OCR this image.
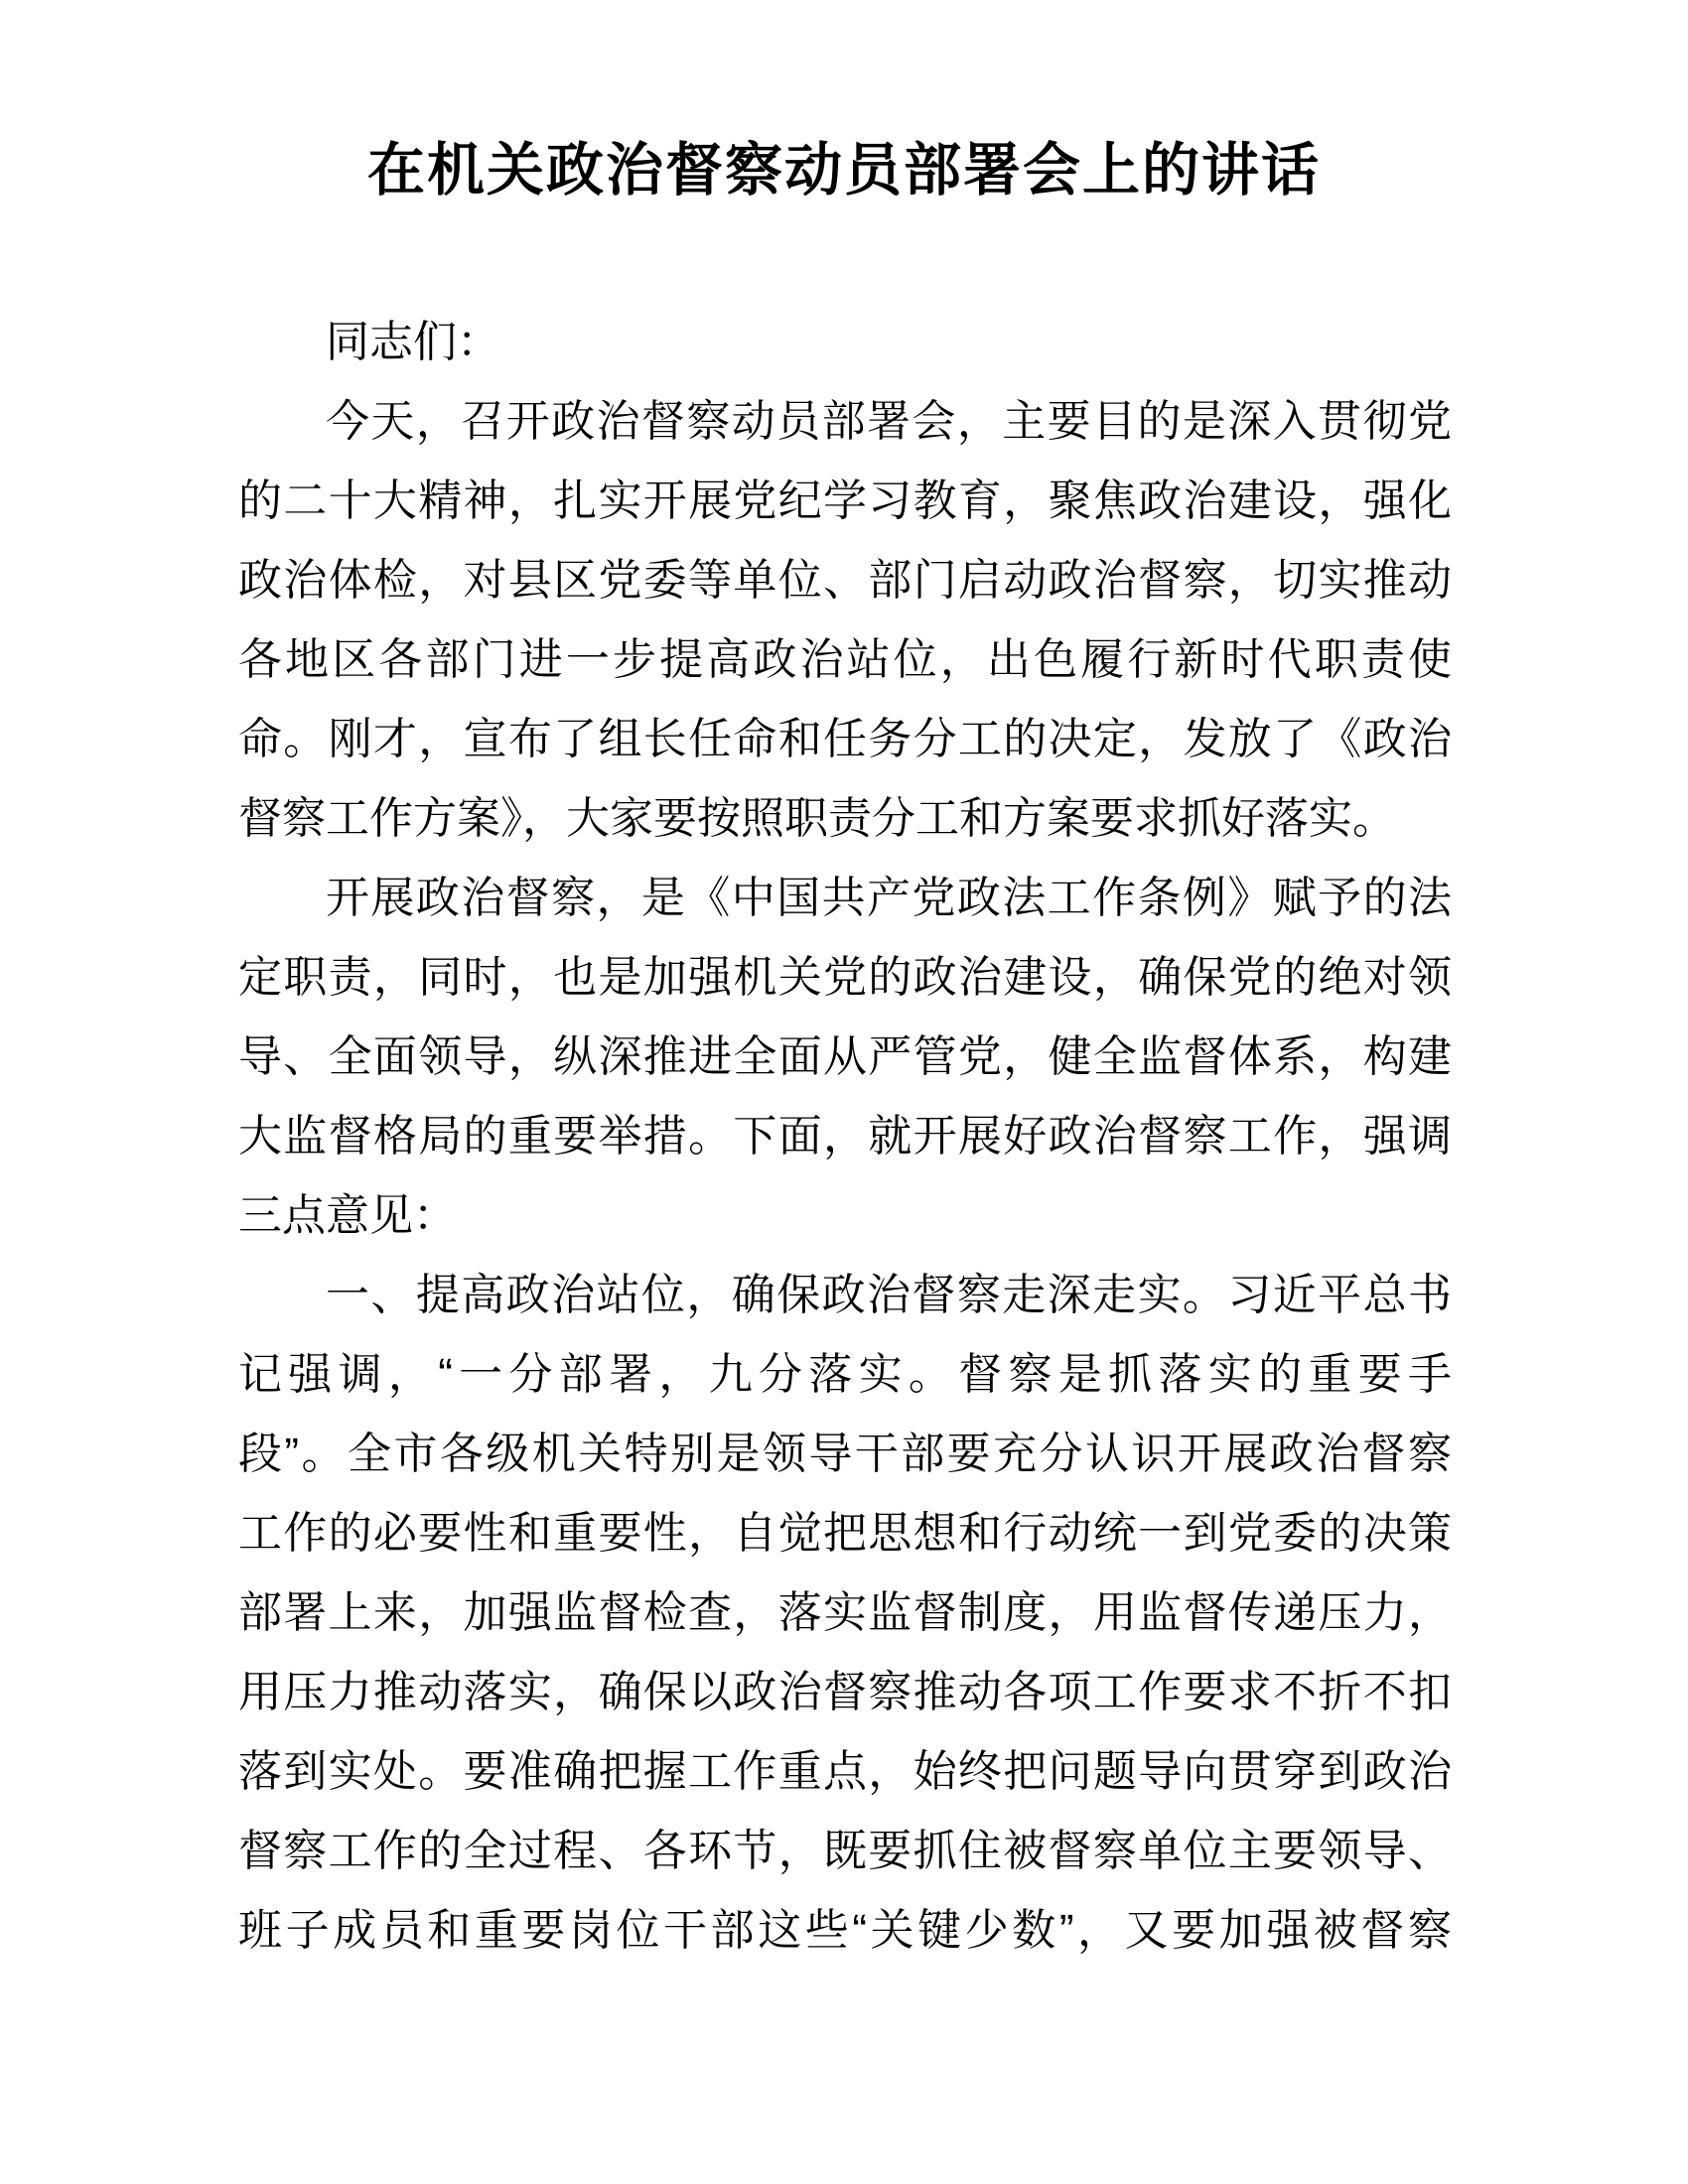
在机关政治督察动员部署会上的讲话
同志们：
今天，召开政治督察动员部署会，主要目的是深入贯彻党
的二十大精神，扎实开展党纪学习教育，聚焦政治建设，强化
政治体检，对县区党委等单位、部门启动政治督察，切实推动
各地区各部门进一步提高政治站位，出色履行新时代职责使
命。刚才，宣布了组长任命和任务分工的决定，发放了《政治
督察工作方案》，大家要按照职责分工和方案要求抓好落实。
开展政治督察，是《中国共产党政法工作条例》赋予的法
定职责，同时，也是加强机关党的政治建设，确保党的绝对领
导、全面领导，纵深推进全面从严管党，健全监督体系，构建
大监督格局的重要举措。下面，就开展好政治督察工作，强调
三点意见：
一、提高政治站位，确保政治督察走深走实。习近平总书
记强调，“一分部署，九分落实。督察是抓落实的重要手
段”。全市各级机关特别是领导干部要充分认识开展政治督察
工作的必要性和重要性，自觉把思想和行动统一到党委的决策
部署上来，加强监督检查，落实监督制度，用监督传递压力，
用压力推动落实，确保以政治督察推动各项工作要求不折不扣
落到实处。要准确把握工作重点，始终把问题导向贯穿到政治
督察工作的全过程、各环节，既要抓住被督察单位主要领导、
班子成员和重要岗位干部这些“关键少数”，又要加强被督察
